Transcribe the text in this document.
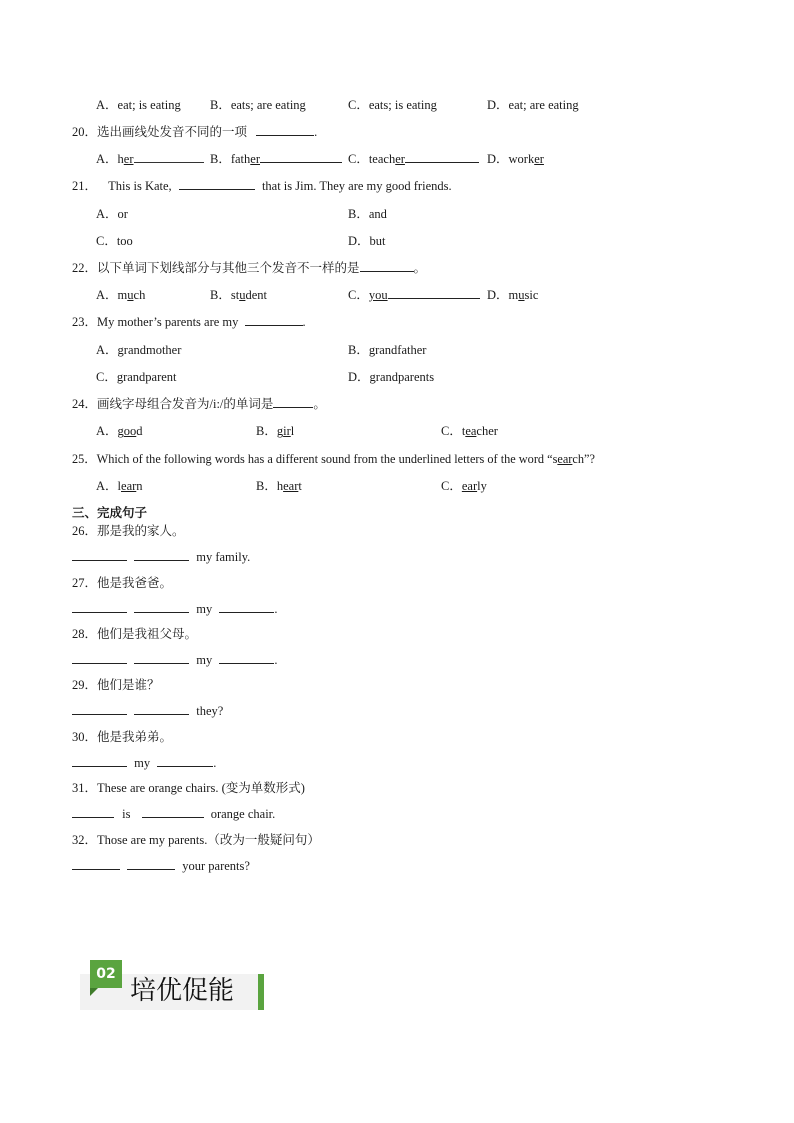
A．eat; is eating B．eats; are eating	C．eats; is eating	D．eat; are eating
20．选出画线处发音不同的一项	.
A．her	B．father	C．teacher	D．worker
21． This is Kate,	that is Jim. They are my good friends.
A．or	B．and
C．too	D．but
22．以下单词下划线部分与其他三个发音不一样的是	。
A．much	B．student	C．you	D．music
23．My mother’s parents are my	.
A．grandmother	B．grandfather
C．grandparent	D．grandparents
24．画线字母组合发音为/i:/的单词是	。
A．good	B．girl	C．teacher
25．Which of the following words has a different sound from the underlined letters of the word “search”?
A．learn	B．heart	C．early
三、完成句子
26．那是我的家人。
my family.
27．他是我爸爸。
my	.
28．他们是我祖父母。
my	.
29．他们是谁？
they?
30．他是我弟弟。
my	.
31．These are orange chairs. (变为单数形式)
is	orange chair.
32．Those are my parents.（改为一般疑问句）
your parents?
02
培优促能
